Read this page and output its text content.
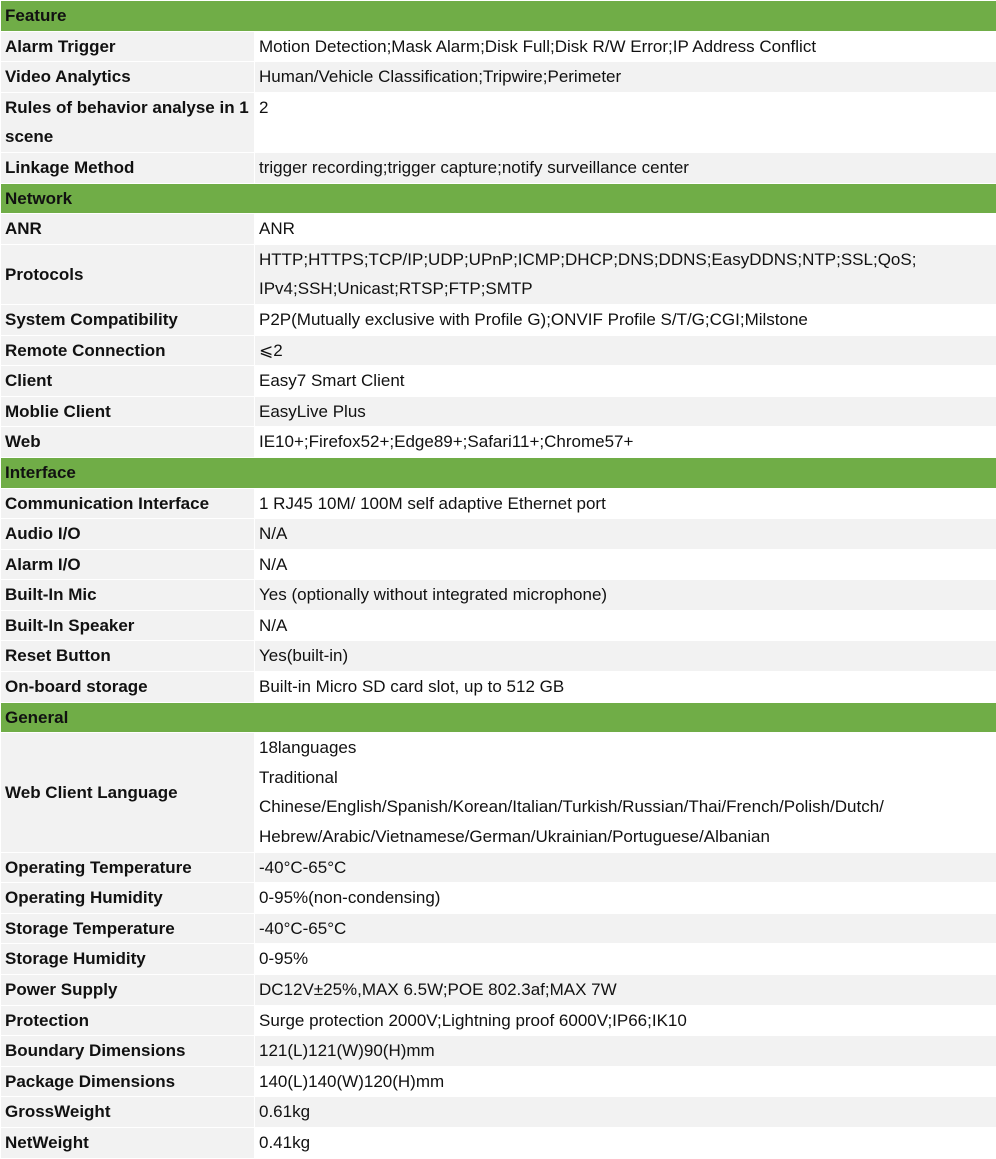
Feature	
Alarm Trigger	Motion Detection;Mask Alarm;Disk Full;Disk R/W Error;IP Address Conflict

Video Analytics	Human/Vehicle Classification;Tripwire;Perimeter

Rules of behavior analyse in 1 scene	2

Linkage Method	trigger recording;trigger capture;notify surveillance center

Network	
ANR	ANR

Protocols	HTTP;HTTPS;TCP/IP;UDP;UPnP;ICMP;DHCP;DNS;DDNS;EasyDDNS;NTP;SSL;QoS;
IPv4;SSH;Unicast;RTSP;FTP;SMTP

System Compatibility	P2P(Mutually exclusive with Profile G);ONVIF Profile S/T/G;CGI;Milstone

Remote Connection	⩽2

Client	Easy7 Smart Client

Moblie Client	EasyLive Plus

Web	IE10+;Firefox52+;Edge89+;Safari11+;Chrome57+

Interface	
Communication Interface	1 RJ45 10M/ 100M self adaptive Ethernet port

Audio I/O	N/A

Alarm I/O	N/A

Built-In Mic	Yes (optionally without integrated microphone)

Built-In Speaker	N/A

Reset Button	Yes(built-in)

On-board storage	Built-in Micro SD card slot, up to 512 GB

General	
Web Client Language	18languages
Traditional
Chinese/English/Spanish/Korean/Italian/Turkish/Russian/Thai/French/Polish/Dutch/
Hebrew/Arabic/Vietnamese/German/Ukrainian/Portuguese/Albanian

Operating Temperature	-40°C-65°C

Operating Humidity	0-95%(non-condensing)

Storage Temperature	-40°C-65°C

Storage Humidity	0-95%

Power Supply	DC12V±25%,MAX 6.5W;POE 802.3af;MAX 7W

Protection	Surge protection 2000V;Lightning proof 6000V;IP66;IK10

Boundary Dimensions	121(L)121(W)90(H)mm

Package Dimensions	140(L)140(W)120(H)mm

GrossWeight	0.61kg

NetWeight	0.41kg
